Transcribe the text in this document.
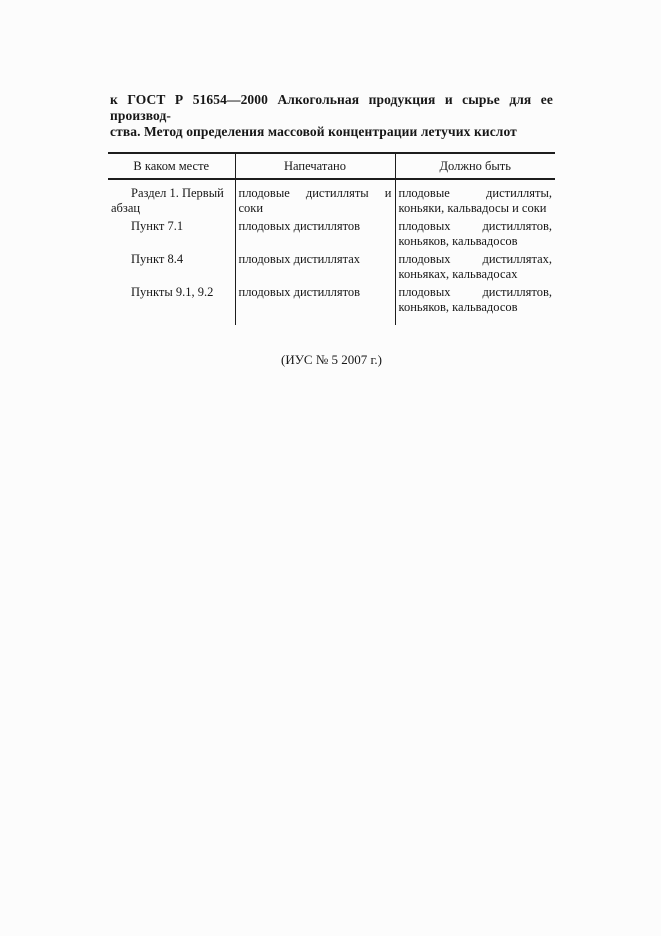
к ГОСТ Р 51654—2000 Алкогольная продукция и сырье для ее производ-
ства. Метод определения массовой концентрации летучих кислот
В каком месте	Напечатано	Должно быть
Раздел 1. Первый абзац	плодовые дистилляты и соки	плодовые дистилляты, коньяки, кальвадосы и соки
Пункт 7.1	плодовых дистиллятов	плодовых дистиллятов, коньяков, кальвадосов
Пункт 8.4	плодовых дистиллятах	плодовых дистиллятах, коньяках, кальвадосах
Пункты 9.1, 9.2	плодовых дистиллятов	плодовых дистиллятов, коньяков, кальвадосов

(ИУС № 5 2007 г.)
